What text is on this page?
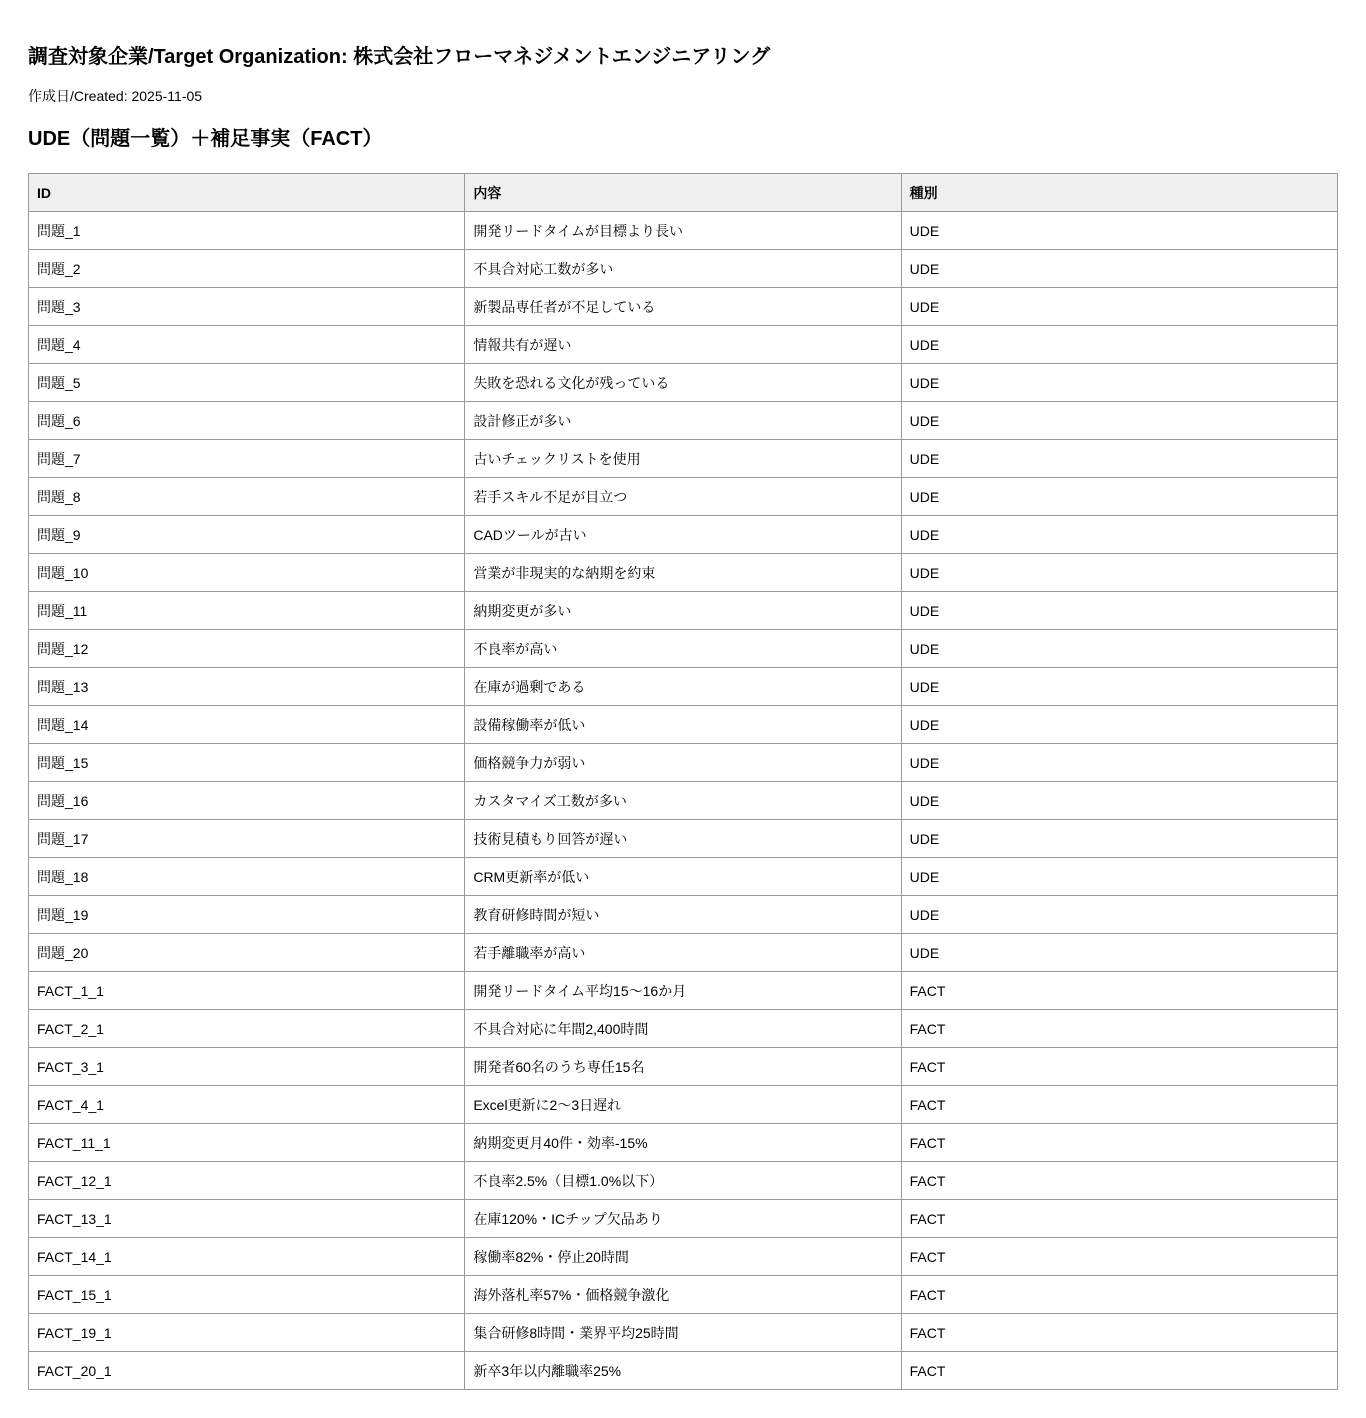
調査対象企業/Target Organization: 株式会社フローマネジメントエンジニアリング

作成日/Created: 2025-11-05

UDE（問題一覧）＋補足事実（FACT）
ID	内容	種別
問題_1	開発リードタイムが目標より長い	UDE
問題_2	不具合対応工数が多い	UDE
問題_3	新製品専任者が不足している	UDE
問題_4	情報共有が遅い	UDE
問題_5	失敗を恐れる文化が残っている	UDE
問題_6	設計修正が多い	UDE
問題_7	古いチェックリストを使用	UDE
問題_8	若手スキル不足が目立つ	UDE
問題_9	CADツールが古い	UDE
問題_10	営業が非現実的な納期を約束	UDE
問題_11	納期変更が多い	UDE
問題_12	不良率が高い	UDE
問題_13	在庫が過剰である	UDE
問題_14	設備稼働率が低い	UDE
問題_15	価格競争力が弱い	UDE
問題_16	カスタマイズ工数が多い	UDE
問題_17	技術見積もり回答が遅い	UDE
問題_18	CRM更新率が低い	UDE
問題_19	教育研修時間が短い	UDE
問題_20	若手離職率が高い	UDE
FACT_1_1	開発リードタイム平均15〜16か月	FACT
FACT_2_1	不具合対応に年間2,400時間	FACT
FACT_3_1	開発者60名のうち専任15名	FACT
FACT_4_1	Excel更新に2〜3日遅れ	FACT
FACT_11_1	納期変更月40件・効率-15%	FACT
FACT_12_1	不良率2.5%（目標1.0%以下）	FACT
FACT_13_1	在庫120%・ICチップ欠品あり	FACT
FACT_14_1	稼働率82%・停止20時間	FACT
FACT_15_1	海外落札率57%・価格競争激化	FACT
FACT_19_1	集合研修8時間・業界平均25時間	FACT
FACT_20_1	新卒3年以内離職率25%	FACT
